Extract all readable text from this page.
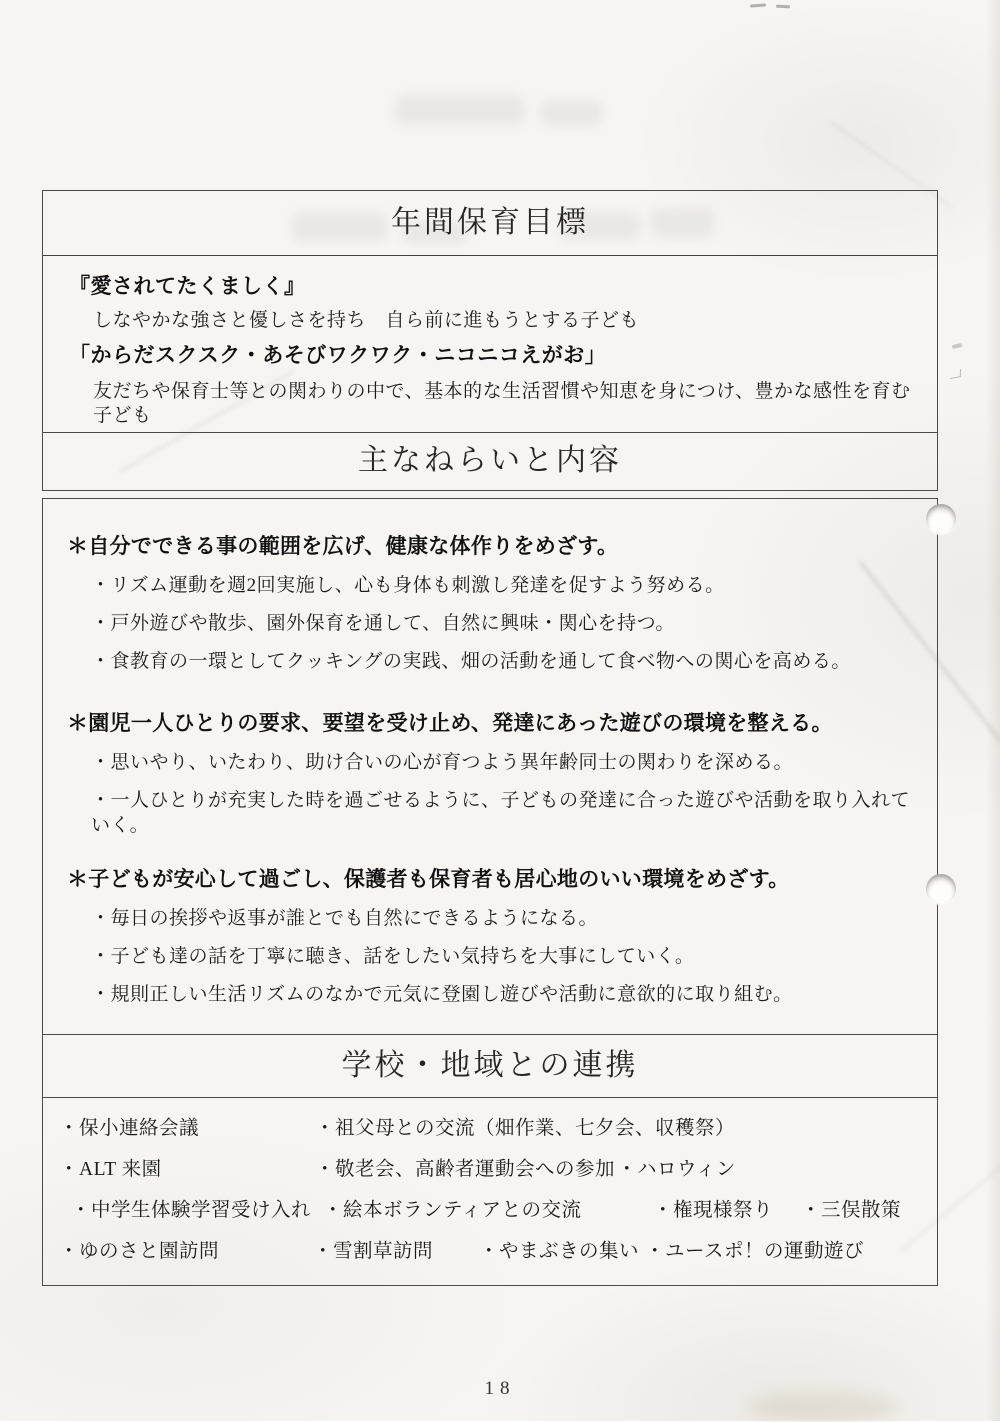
年間保育目標

『愛されてたくましく』

しなやかな強さと優しさを持ち　自ら前に進もうとする子ども

「からだスクスク・あそびワクワク・ニコニコえがお」

友だちや保育士等との関わりの中で、基本的な生活習慣や知恵を身につけ、豊かな感性を育む子ども

主なねらいと内容

＊自分でできる事の範囲を広げ、健康な体作りをめざす。

・リズム運動を週2回実施し、心も身体も刺激し発達を促すよう努める。

・戸外遊びや散歩、園外保育を通して、自然に興味・関心を持つ。

・食教育の一環としてクッキングの実践、畑の活動を通して食べ物への関心を高める。

＊園児一人ひとりの要求、要望を受け止め、発達にあった遊びの環境を整える。

・思いやり、いたわり、助け合いの心が育つよう異年齢同士の関わりを深める。

・一人ひとりが充実した時を過ごせるように、子どもの発達に合った遊びや活動を取り入れていく。

＊子どもが安心して過ごし、保護者も保育者も居心地のいい環境をめざす。

・毎日の挨拶や返事が誰とでも自然にできるようになる。

・子ども達の話を丁寧に聴き、話をしたい気持ちを大事にしていく。

・規則正しい生活リズムのなかで元気に登園し遊びや活動に意欲的に取り組む。

学校・地域との連携
・保小連絡会議	・祖父母との交流（畑作業、七夕会、収穫祭）
・ALT 来園	・敬老会、高齢者運動会への参加 ・ハロウィン
・中学生体験学習受け入れ ・絵本ボランティアとの交流	・権現様祭り ・三俣散策
・ゆのさと園訪問	・雪割草訪問 ・やまぶきの集い ・ユースポ！の運動遊び
18
